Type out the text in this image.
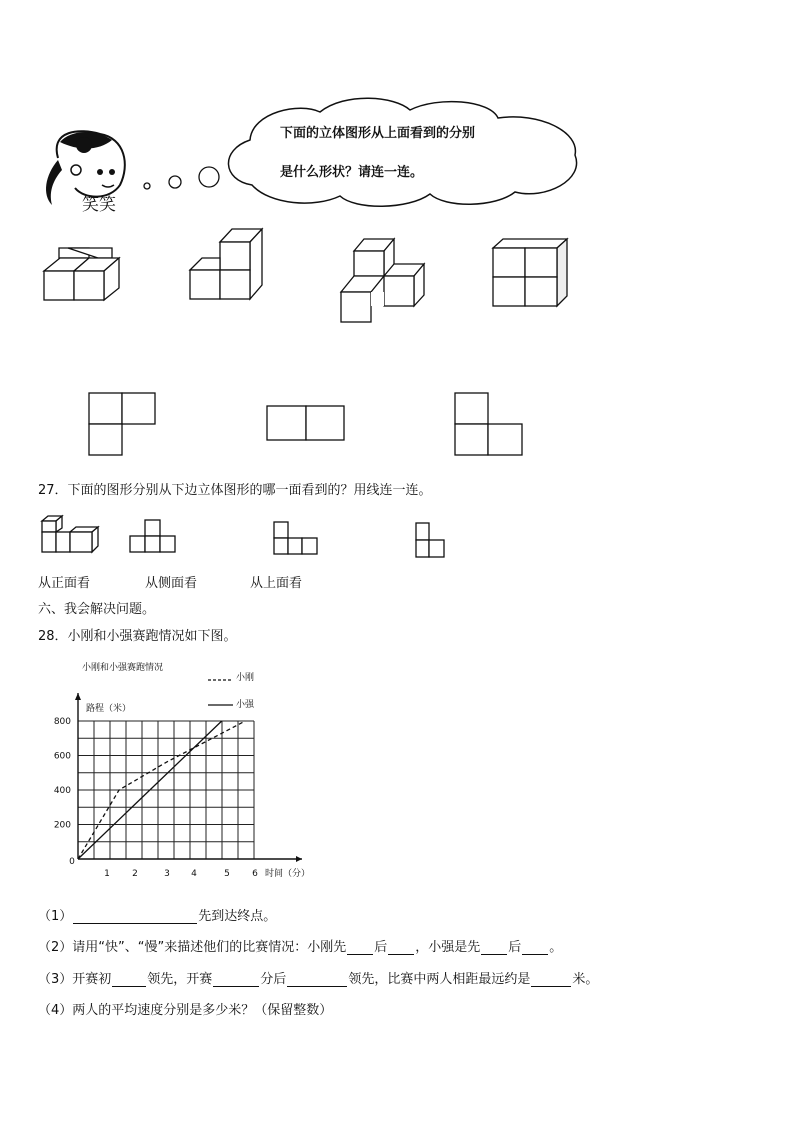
笑笑
下面的立体图形从上面看到的分别
是什么形状？请连一连。
27．下面的图形分别从下边立体图形的哪一面看到的？用线连一连。
从正面看	从侧面看	从上面看
六、我会解决问题。
28．小刚和小强赛跑情况如下图。
小刚和小强赛跑情况
路程（米）
时间（分）
小刚
小强
1 2	3 4	5 6
200
400
600
800
0
（1）	先到达终点。
（2）请用“快”、“慢”来描述他们的比赛情况：小刚先 后 ，小强是先 后 。
（3）开赛初	领先，开赛	分后	领先，比赛中两人相距最远约是	米。
（4）两人的平均速度分别是多少米？（保留整数）
